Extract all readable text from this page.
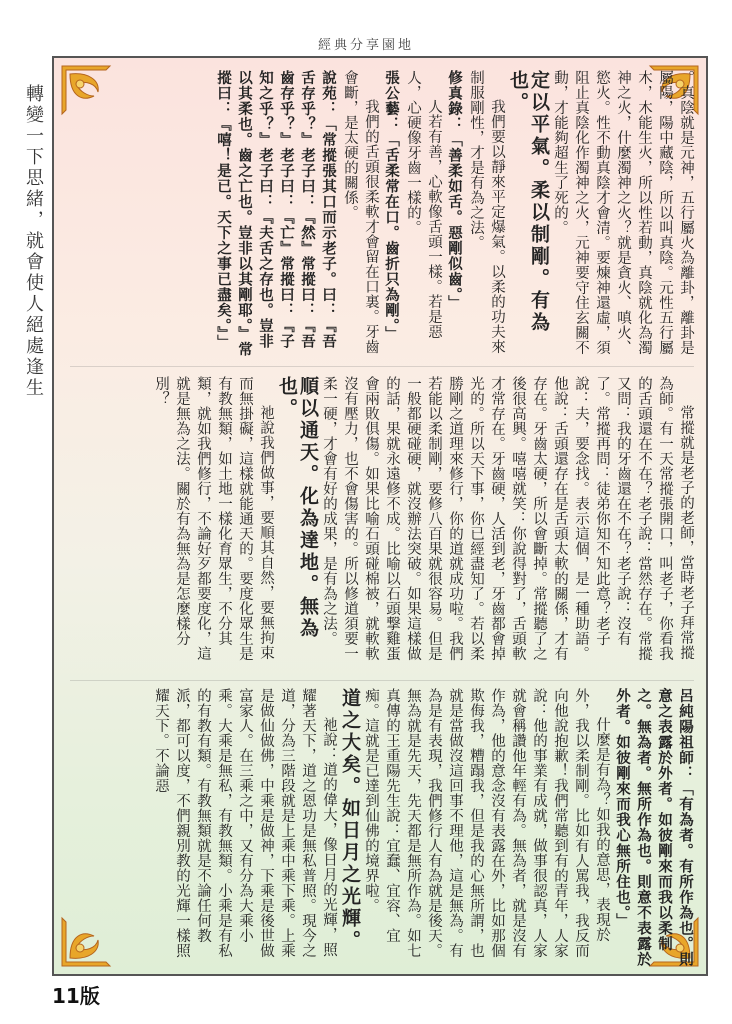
經典分享園地
轉變一下思緒，就會使人絕處逢生	。真陰就是元神，五行屬火為離卦，離卦是屬陽，陽中藏陰，所以叫真陰。元性五行屬木，木能生火，所以性若動，真陰就化為濁神之火，什麼濁神之火？就是貪火、嗔火、慾火。性不動真陰才會清。要煉神還虛，須阻止真陰化作濁神之火，元神要守住玄關不動，才能夠超生了死的。

定以平氣。柔以制剛。有為也。

我們要以靜來平定爆氣。以柔的功夫來制服剛性，才是有為之法。

修真錄：「善柔如舌。惡剛似齒。」

人若有善，心軟像舌頭一樣。若是惡人，心硬像牙齒一樣的。

張公藝：「舌柔常在口。齒折只為剛。」

我們的舌頭很柔軟才會留在口裏。牙齒會斷，是太硬的關係。

說苑：「常摐張其口而示老子。曰：『吾舌存乎？』老子曰：『然』常摐曰：『吾齒存乎？』老子曰：『亡』常摐曰：『子知之乎？』老子曰：『夫舌之存也。豈非以其柔也。齒之亡也。豈非以其剛耶。』常摐曰：『嘻！是已。天下之事已盡矣。』」

常摐就是老子的老師，當時老子拜常摐為師。有一天常摐張開口，叫老子，你看我的舌頭還在不在？老子說：當然存在。常摐又問：我的牙齒還在不在？老子說：沒有了。常摐再問：徒弟你知不知此意？老子說：夫，要念找。表示這個，是一種助語。他說：舌頭還存在是舌頭太軟的關係，才有存在。牙齒太硬，所以會斷掉。常摐聽了之後很高興。嘻嘻就笑：你說得對了，舌頭軟才常存在。牙齒硬，人活到老，牙齒都會掉光的。所以天下事，你已經盡知了。若以柔勝剛之道理來修行，你的道就成功啦。我們若能以柔制剛，要修八百果就很容易。但是一般都硬碰硬，就沒辦法突破。如果這樣做的話，果就永遠修不成。比喻以石頭撃雞蛋會兩敗俱傷。如果比喻石頭碰棉被，就軟軟沒有壓力，也不會傷害的。所以修道須要一柔一硬，才會有好的成果，是有為之法。

順以通天。化為達地。無為也。

祂說我們做事，要順其自然，要無拘束而無掛礙，這樣就能通天的。要度化眾生是有教無類，如土地一樣化育眾生，不分其類，就如我們修行，不論好歹都要度化，這就是無為之法。關於有為無為是怎麼樣分別？

呂純陽祖師：「有為者。有所作為也。則意之表露於外者。如彼剛來而我以柔制之。無為者。無所作為也。則意不表露於外者。如彼剛來而我心無所住也。」

什麼是有為？如我的意思，表現於外，我以柔制剛。比如有人罵我，我反而向他說抱歉！我們常聽到有的青年，人家說：他的事業有成就，做事很認真，人家就會稱讚他年輕有為。無為者，就是沒有作為，他的意念沒有表露在外，比如那個欺侮我，糟蹋我，但是我的心無所謂，也就是當做沒這回事不理他，這是無為。有為是有表現，我們修行人有為就是後天。無為就是先天，先天都是無所作為。如七真傳的王重陽先生說：宜蠢、宜容、宜痴。這就是已達到仙佛的境界啦。

道之大矣。如日月之光輝。

祂說：道的偉大，像日月的光輝，照耀著天下，道之恩功是無私普照。現今之道，分為三階段就是上乘中乘下乘。上乘是做仙做佛，中乘是做神，下乘是後世做富家人。在三乘之中，又有分為大乘小乘。大乘是無私，有教無類。小乘是有私的有教有類。有教無類就是不論任何教派，都可以度，不們親別教的光輝一樣照耀天下。不論惡

11版
